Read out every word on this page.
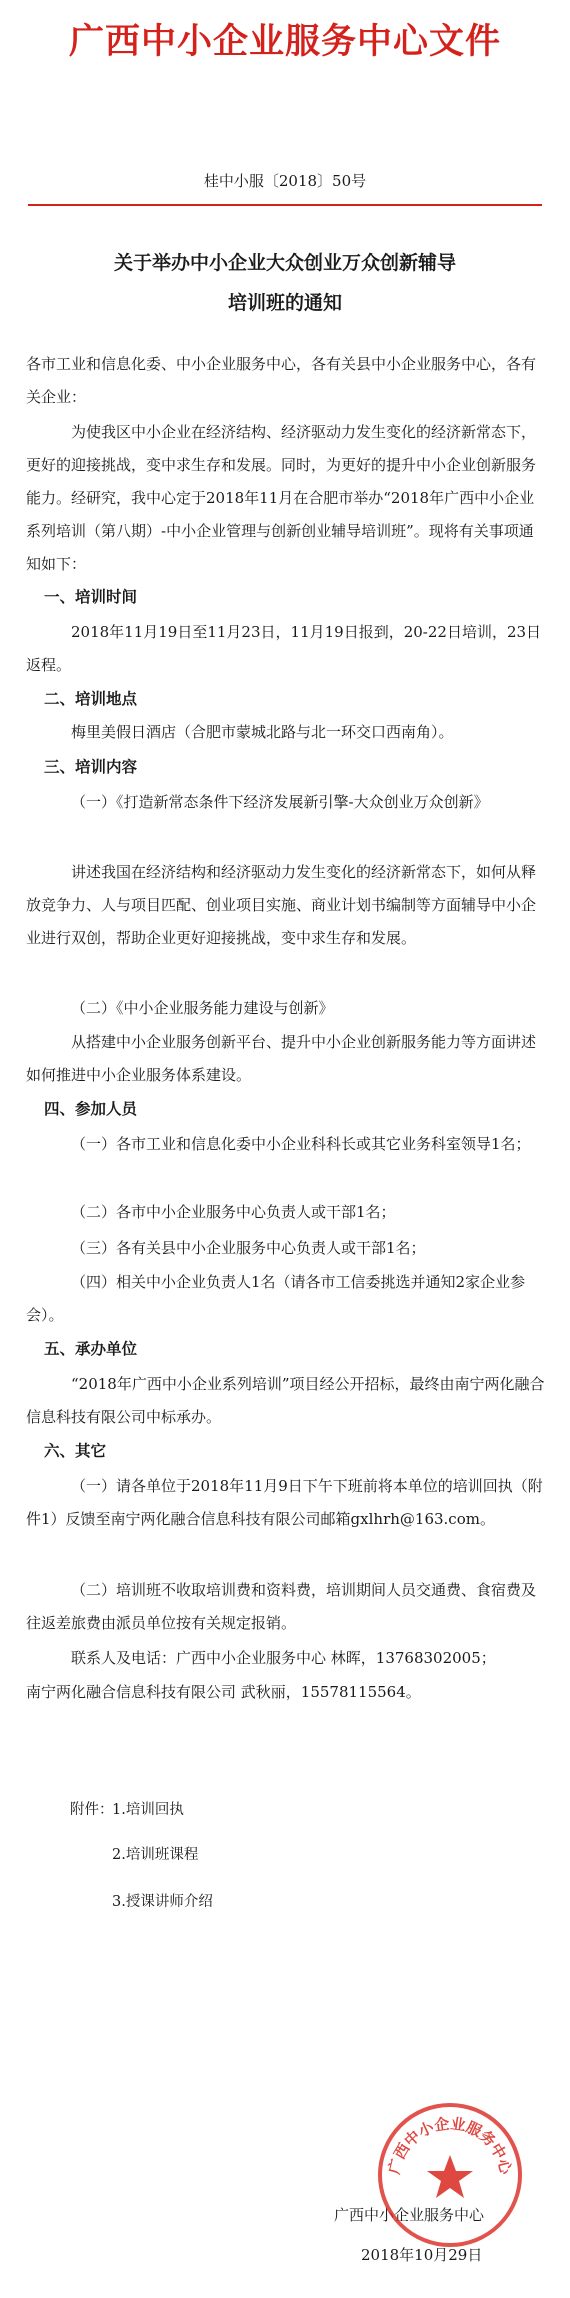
广西中小企业服务中心文件
桂中小服〔2018〕50号
关于举办中小企业大众创业万众创新辅导
培训班的通知

各市工业和信息化委、中小企业服务中心，各有关县中小企业服务中心，各有关企业：

为使我区中小企业在经济结构、经济驱动力发生变化的经济新常态下，更好的迎接挑战，变中求生存和发展。同时，为更好的提升中小企业创新服务能力。经研究，我中心定于2018年11月在合肥市举办“2018年广西中小企业系列培训（第八期）-中小企业管理与创新创业辅导培训班”。现将有关事项通知如下：

一、培训时间

2018年11月19日至11月23日，11月19日报到，20-22日培训，23日返程。

二、培训地点

梅里美假日酒店（合肥市蒙城北路与北一环交口西南角）。

三、培训内容

（一）《打造新常态条件下经济发展新引擎-大众创业万众创新》

讲述我国在经济结构和经济驱动力发生变化的经济新常态下，如何从释放竞争力、人与项目匹配、创业项目实施、商业计划书编制等方面辅导中小企业进行双创，帮助企业更好迎接挑战，变中求生存和发展。

（二）《中小企业服务能力建设与创新》

从搭建中小企业服务创新平台、提升中小企业创新服务能力等方面讲述如何推进中小企业服务体系建设。

四、参加人员

（一）各市工业和信息化委中小企业科科长或其它业务科室领导1名；

（二）各市中小企业服务中心负责人或干部1名；

（三）各有关县中小企业服务中心负责人或干部1名；

（四）相关中小企业负责人1名（请各市工信委挑选并通知2家企业参会）。

五、承办单位

“2018年广西中小企业系列培训”项目经公开招标，最终由南宁两化融合信息科技有限公司中标承办。

六、其它

（一）请各单位于2018年11月9日下午下班前将本单位的培训回执（附件1）反馈至南宁两化融合信息科技有限公司邮箱gxlhrh@163.com。

（二）培训班不收取培训费和资料费，培训期间人员交通费、食宿费及往返差旅费由派员单位按有关规定报销。

联系人及电话：广西中小企业服务中心 林晖，13768302005；

南宁两化融合信息科技有限公司 武秋丽，15578115564。

附件：
1.培训回执
2.培训班课程
3.授课讲师介绍
广西中小企业服务中心
2018年10月29日
广西中小企业服务中心
